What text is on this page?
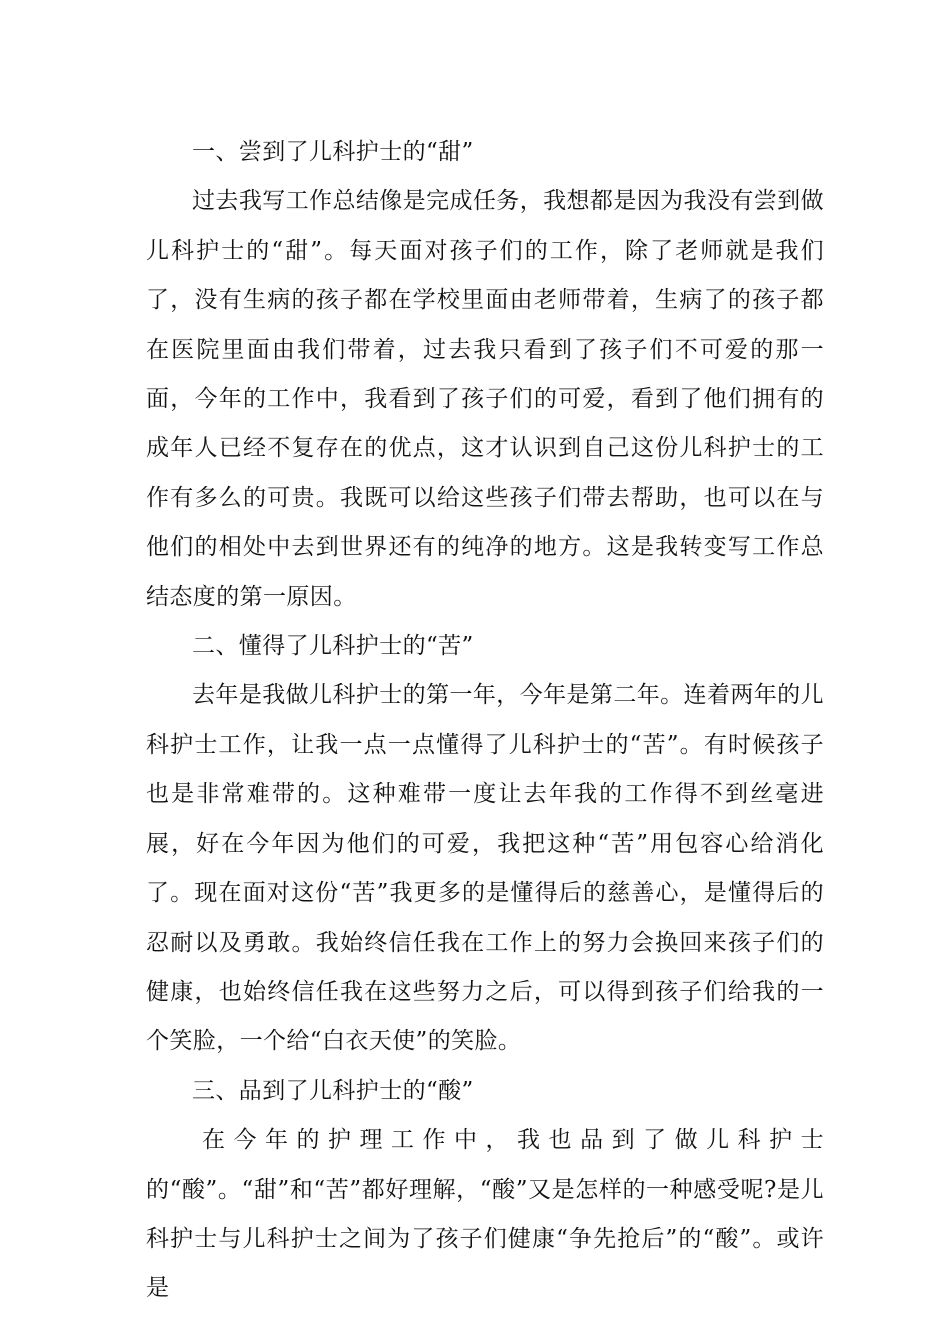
一、尝到了儿科护士的“甜”

过去我写工作总结像是完成任务，我想都是因为我没有尝到做儿科护士的“甜”。每天面对孩子们的工作，除了老师就是我们了，没有生病的孩子都在学校里面由老师带着，生病了的孩子都在医院里面由我们带着，过去我只看到了孩子们不可爱的那一面，今年的工作中，我看到了孩子们的可爱，看到了他们拥有的成年人已经不复存在的优点，这才认识到自己这份儿科护士的工作有多么的可贵。我既可以给这些孩子们带去帮助，也可以在与他们的相处中去到世界还有的纯净的地方。这是我转变写工作总结态度的第一原因。

二、懂得了儿科护士的“苦”

去年是我做儿科护士的第一年，今年是第二年。连着两年的儿科护士工作，让我一点一点懂得了儿科护士的“苦”。有时候孩子也是非常难带的。这种难带一度让去年我的工作得不到丝毫进展，好在今年因为他们的可爱，我把这种“苦”用包容心给消化了。现在面对这份“苦”我更多的是懂得后的慈善心，是懂得后的忍耐以及勇敢。我始终信任我在工作上的努力会换回来孩子们的健康，也始终信任我在这些努力之后，可以得到孩子们给我的一个笑脸，一个给“白衣天使”的笑脸。

三、品到了儿科护士的“酸”

在今年的护理工作中，我也品到了做儿科护士的“酸”。“甜”和“苦”都好理解，“酸”又是怎样的一种感受呢?是儿科护士与儿科护士之间为了孩子们健康“争先抢后”的“酸”。或许是
